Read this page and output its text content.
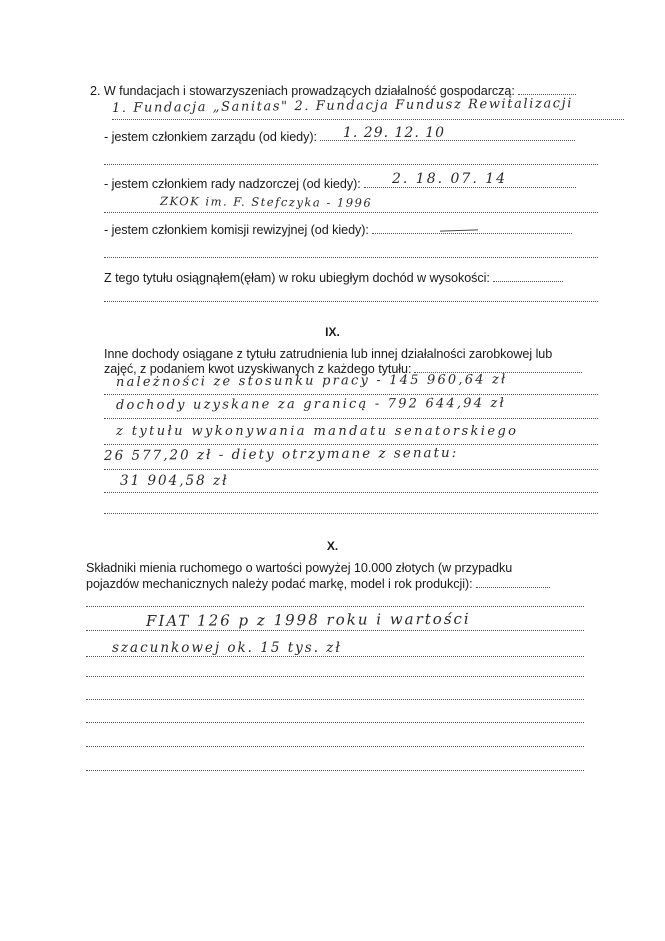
2. W fundacjach i stowarzyszeniach prowadzących działalność gospodarczą:
1. Fundacja „Sanitas" 2. Fundacja Fundusz Rewitalizacji
- jestem członkiem zarządu (od kiedy):	1. 29. 12. 10
- jestem członkiem rady nadzorczej (od kiedy):	2. 18. 07. 14
ZKOK im. F. Stefczyka - 1996
- jestem członkiem komisji rewizyjnej (od kiedy):
Z tego tytułu osiągnąłem(ęłam) w roku ubiegłym dochód w wysokości:
IX.
Inne dochody osiągane z tytułu zatrudnienia lub innej działalności zarobkowej lub
zajęć, z podaniem kwot uzyskiwanych z każdego tytułu:
należności ze stosunku pracy - 145 960,64 zł
dochody uzyskane za granicą - 792 644,94 zł
z tytułu wykonywania mandatu senatorskiego
26 577,20 zł - diety otrzymane z senatu:
31 904,58 zł
X.
Składniki mienia ruchomego o wartości powyżej 10.000 złotych (w przypadku
pojazdów mechanicznych należy podać markę, model i rok produkcji):
FIAT 126 p z 1998 roku i wartości
szacunkowej ok. 15 tys. zł
